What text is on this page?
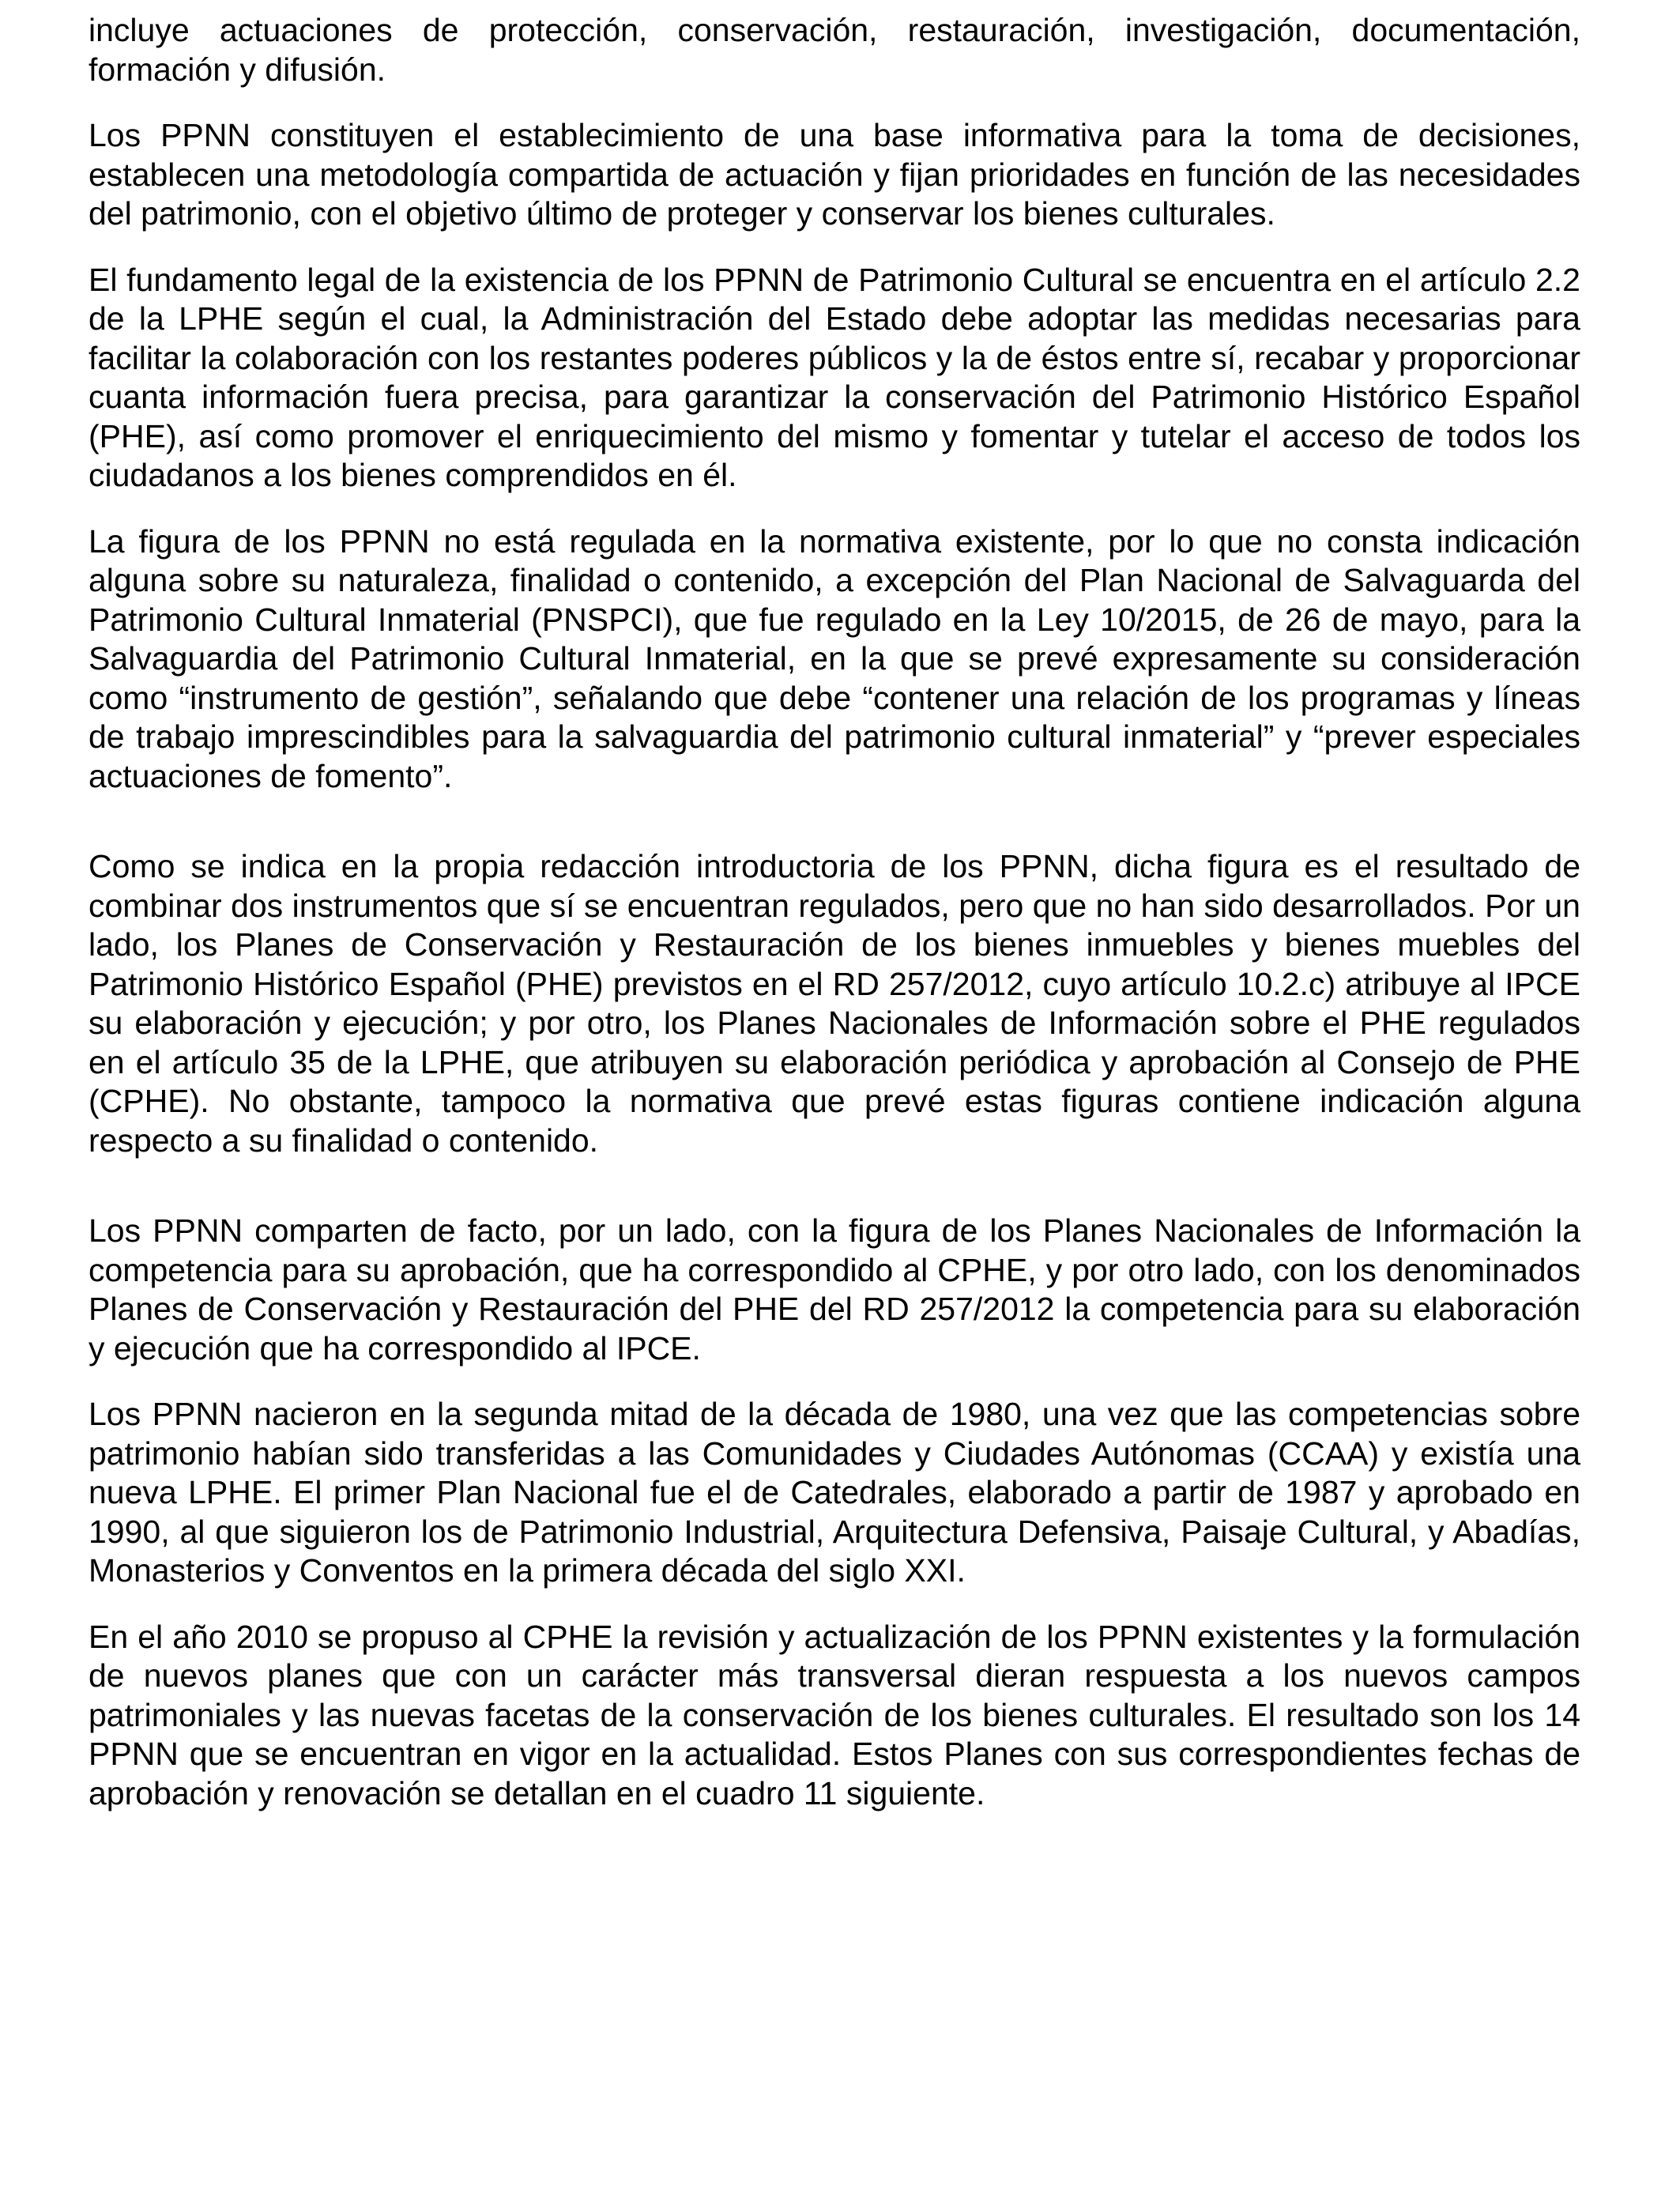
incluye actuaciones de protección, conservación, restauración, investigación, documentación, formación y difusión.

Los PPNN constituyen el establecimiento de una base informativa para la toma de decisiones, establecen una metodología compartida de actuación y fijan prioridades en función de las necesidades del patrimonio, con el objetivo último de proteger y conservar los bienes culturales.

El fundamento legal de la existencia de los PPNN de Patrimonio Cultural se encuentra en el artículo 2.2 de la LPHE según el cual, la Administración del Estado debe adoptar las medidas necesarias para facilitar la colaboración con los restantes poderes públicos y la de éstos entre sí, recabar y proporcionar cuanta información fuera precisa, para garantizar la conservación del Patrimonio Histórico Español (PHE), así como promover el enriquecimiento del mismo y fomentar y tutelar el acceso de todos los ciudadanos a los bienes comprendidos en él.

La figura de los PPNN no está regulada en la normativa existente, por lo que no consta indicación alguna sobre su naturaleza, finalidad o contenido, a excepción del Plan Nacional de Salvaguarda del Patrimonio Cultural Inmaterial (PNSPCI), que fue regulado en la Ley 10/2015, de 26 de mayo, para la Salvaguardia del Patrimonio Cultural Inmaterial, en la que se prevé expresamente su consideración como “instrumento de gestión”, señalando que debe “contener una relación de los programas y líneas de trabajo imprescindibles para la salvaguardia del patrimonio cultural inmaterial” y “prever especiales actuaciones de fomento”.

Como se indica en la propia redacción introductoria de los PPNN, dicha figura es el resultado de combinar dos instrumentos que sí se encuentran regulados, pero que no han sido desarrollados. Por un lado, los Planes de Conservación y Restauración de los bienes inmuebles y bienes muebles del Patrimonio Histórico Español (PHE) previstos en el RD 257/2012, cuyo artículo 10.2.c) atribuye al IPCE su elaboración y ejecución; y por otro, los Planes Nacionales de Información sobre el PHE regulados en el artículo 35 de la LPHE, que atribuyen su elaboración periódica y aprobación al Consejo de PHE (CPHE). No obstante, tampoco la normativa que prevé estas figuras contiene indicación alguna respecto a su finalidad o contenido.

Los PPNN comparten de facto, por un lado, con la figura de los Planes Nacionales de Información la competencia para su aprobación, que ha correspondido al CPHE, y por otro lado, con los denominados Planes de Conservación y Restauración del PHE del RD 257/2012 la competencia para su elaboración y ejecución que ha correspondido al IPCE.

Los PPNN nacieron en la segunda mitad de la década de 1980, una vez que las competencias sobre patrimonio habían sido transferidas a las Comunidades y Ciudades Autónomas (CCAA) y existía una nueva LPHE. El primer Plan Nacional fue el de Catedrales, elaborado a partir de 1987 y aprobado en 1990, al que siguieron los de Patrimonio Industrial, Arquitectura Defensiva, Paisaje Cultural, y Abadías, Monasterios y Conventos en la primera década del siglo XXI.

En el año 2010 se propuso al CPHE la revisión y actualización de los PPNN existentes y la formulación de nuevos planes que con un carácter más transversal dieran respuesta a los nuevos campos patrimoniales y las nuevas facetas de la conservación de los bienes culturales. El resultado son los 14 PPNN que se encuentran en vigor en la actualidad. Estos Planes con sus correspondientes fechas de aprobación y renovación se detallan en el cuadro 11 siguiente.
